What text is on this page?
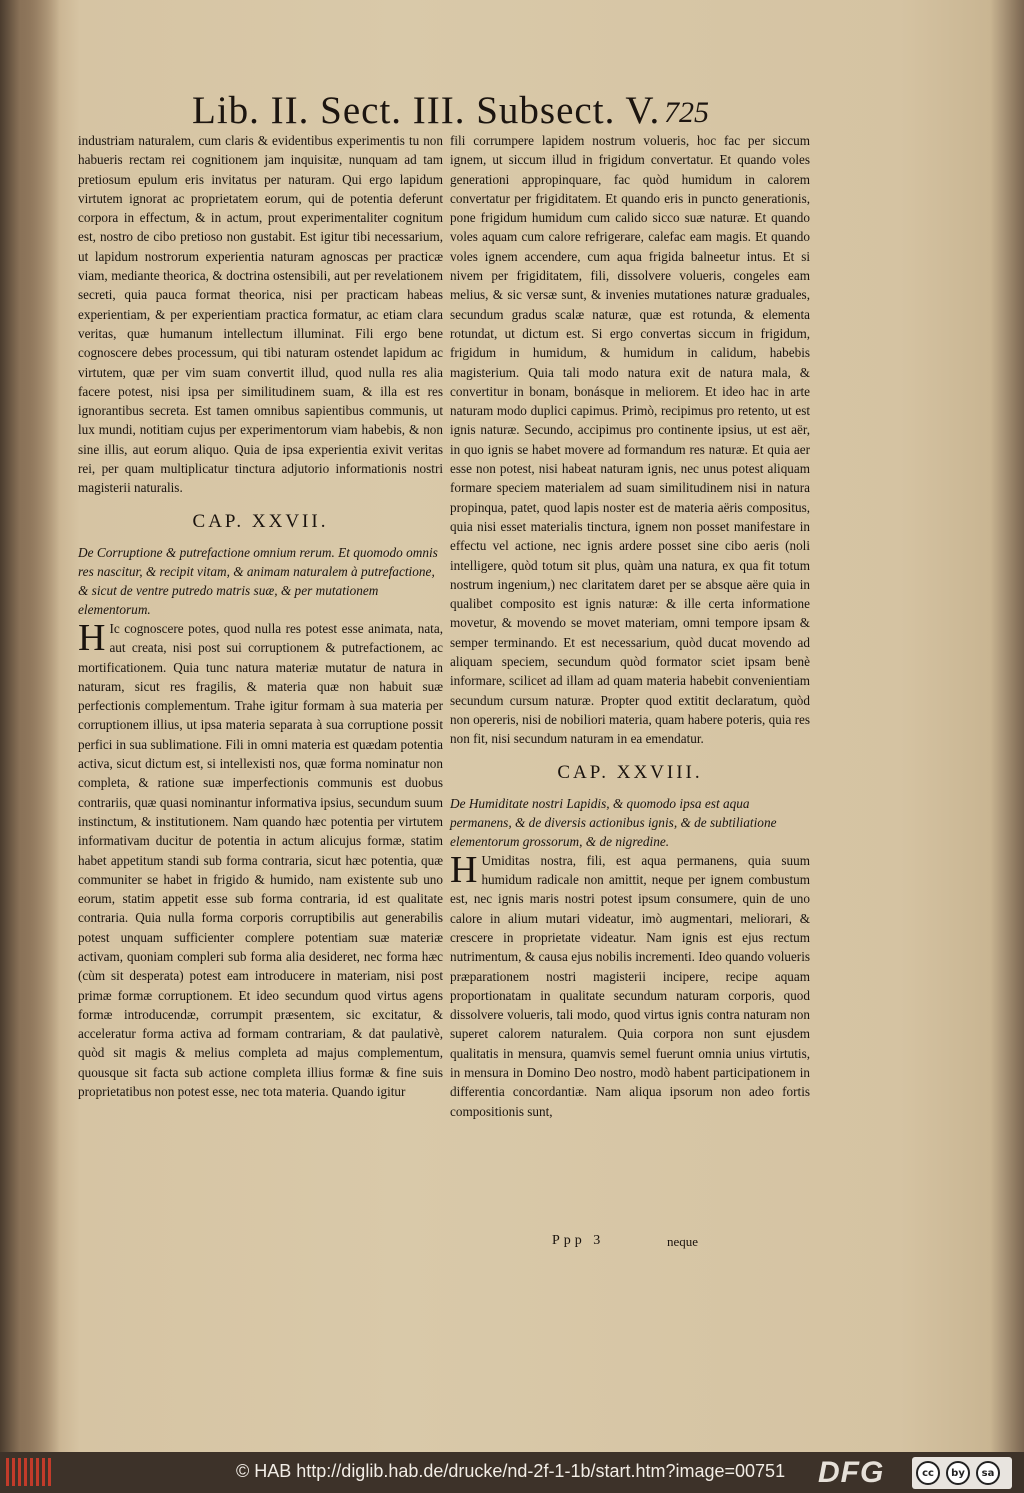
Lib. II. Sect. III. Subsect. V. 725

industriam naturalem, cum claris & evidentibus experimentis tu non habueris rectam rei cognitionem jam inquisitæ, nunquam ad tam pretiosum epulum eris invitatus per naturam. Qui ergo lapidum virtutem ignorat ac proprietatem eorum, qui de potentia deferunt corpora in effectum, & in actum, prout experimentaliter cognitum est, nostro de cibo pretioso non gustabit. Est igitur tibi necessarium, ut lapidum nostrorum experientia naturam agnoscas per practicæ viam, mediante theorica, & doctrina ostensibili, aut per revelationem secreti, quia pauca format theorica, nisi per practicam habeas experientiam, & per experientiam practica formatur, ac etiam clara veritas, quæ humanum intellectum illuminat. Fili ergo bene cognoscere debes processum, qui tibi naturam ostendet lapidum ac virtutem, quæ per vim suam convertit illud, quod nulla res alia facere potest, nisi ipsa per similitudinem suam, & illa est res ignorantibus secreta. Est tamen omnibus sapientibus communis, ut lux mundi, notitiam cujus per experimentorum viam habebis, & non sine illis, aut eorum aliquo. Quia de ipsa experientia exivit veritas rei, per quam multiplicatur tinctura adjutorio informationis nostri magisterii naturalis.

CAP. XXVII.

De Corruptione & putrefactione omnium rerum. Et quomodo omnis res nascitur, & recipit vitam, & animam naturalem à putrefactione, & sicut de ventre putredo matris suæ, & per mutationem elementorum.

H Ic cognoscere potes, quod nulla res potest esse animata, nata, aut creata, nisi post sui corruptionem & putrefactionem, ac mortificationem. Quia tunc natura materiæ mutatur de natura in naturam, sicut res fragilis, & materia quæ non habuit suæ perfectionis complementum. Trahe igitur formam à sua materia per corruptionem illius, ut ipsa materia separata à sua corruptione possit perfici in sua sublimatione. Fili in omni materia est quædam potentia activa, sicut dictum est, si intellexisti nos, quæ forma nominatur non completa, & ratione suæ imperfectionis communis est duobus contrariis, quæ quasi nominantur informativa ipsius, secundum suum instinctum, & institutionem. Nam quando hæc potentia per virtutem informativam ducitur de potentia in actum alicujus formæ, statim habet appetitum standi sub forma contraria, sicut hæc potentia, quæ communiter se habet in frigido & humido, nam existente sub uno eorum, statim appetit esse sub forma contraria, id est qualitate contraria. Quia nulla forma corporis corruptibilis aut generabilis potest unquam sufficienter complere potentiam suæ materiæ activam, quoniam compleri sub forma alia desideret, nec forma hæc (cùm sit desperata) potest eam introducere in materiam, nisi post primæ formæ corruptionem. Et ideo secundum quod virtus agens formæ introducendæ, corrumpit præsentem, sic excitatur, & acceleratur forma activa ad formam contrariam, & dat paulativè, quòd sit magis & melius completa ad majus complementum, quousque sit facta sub actione completa illius formæ & fine suis proprietatibus non potest esse, nec tota materia. Quando igitur

fili corrumpere lapidem nostrum volueris, hoc fac per siccum ignem, ut siccum illud in frigidum convertatur. Et quando voles generationi appropinquare, fac quòd humidum in calorem convertatur per frigiditatem. Et quando eris in puncto generationis, pone frigidum humidum cum calido sicco suæ naturæ. Et quando voles aquam cum calore refrigerare, calefac eam magis. Et quando voles ignem accendere, cum aqua frigida balneetur intus. Et si nivem per frigiditatem, fili, dissolvere volueris, congeles eam melius, & sic versæ sunt, & invenies mutationes naturæ graduales, secundum gradus scalæ naturæ, quæ est rotunda, & elementa rotundat, ut dictum est. Si ergo convertas siccum in frigidum, frigidum in humidum, & humidum in calidum, habebis magisterium. Quia tali modo natura exit de natura mala, & convertitur in bonam, bonásque in meliorem. Et ideo hac in arte naturam modo duplici capimus. Primò, recipimus pro retento, ut est ignis naturæ. Secundo, accipimus pro continente ipsius, ut est aër, in quo ignis se habet movere ad formandum res naturæ. Et quia aer esse non potest, nisi habeat naturam ignis, nec unus potest aliquam formare speciem materialem ad suam similitudinem nisi in natura propinqua, patet, quod lapis noster est de materia aëris compositus, quia nisi esset materialis tinctura, ignem non posset manifestare in effectu vel actione, nec ignis ardere posset sine cibo aeris (noli intelligere, quòd totum sit plus, quàm una natura, ex qua fit totum nostrum ingenium,) nec claritatem daret per se absque aëre quia in qualibet composito est ignis naturæ: & ille certa informatione movetur, & movendo se movet materiam, omni tempore ipsam & semper terminando. Et est necessarium, quòd ducat movendo ad aliquam speciem, secundum quòd formator sciet ipsam benè informare, scilicet ad illam ad quam materia habebit convenientiam secundum cursum naturæ. Propter quod extitit declaratum, quòd non opereris, nisi de nobiliori materia, quam habere poteris, quia res non fit, nisi secundum naturam in ea emendatur.

CAP. XXVIII.

De Humiditate nostri Lapidis, & quomodo ipsa est aqua permanens, & de diversis actionibus ignis, & de subtiliatione elementorum grossorum, & de nigredine.

H Umiditas nostra, fili, est aqua permanens, quia suum humidum radicale non amittit, neque per ignem combustum est, nec ignis maris nostri potest ipsum consumere, quin de uno calore in alium mutari videatur, imò augmentari, meliorari, & crescere in proprietate videatur. Nam ignis est ejus rectum nutrimentum, & causa ejus nobilis incrementi. Ideo quando volueris præparationem nostri magisterii incipere, recipe aquam proportionatam in qualitate secundum naturam corporis, quod dissolvere volueris, tali modo, quod virtus ignis contra naturam non superet calorem naturalem. Quia corpora non sunt ejusdem qualitatis in mensura, quamvis semel fuerunt omnia unius virtutis, in mensura in Domino Deo nostro, modò habent participationem in differentia concordantiæ. Nam aliqua ipsorum non adeo fortis compositionis sunt,

Ppp 3	neque
© HAB http://diglib.hab.de/drucke/nd-2f-1-1b/start.htm?image=00751 DFG	cc	by	sa
